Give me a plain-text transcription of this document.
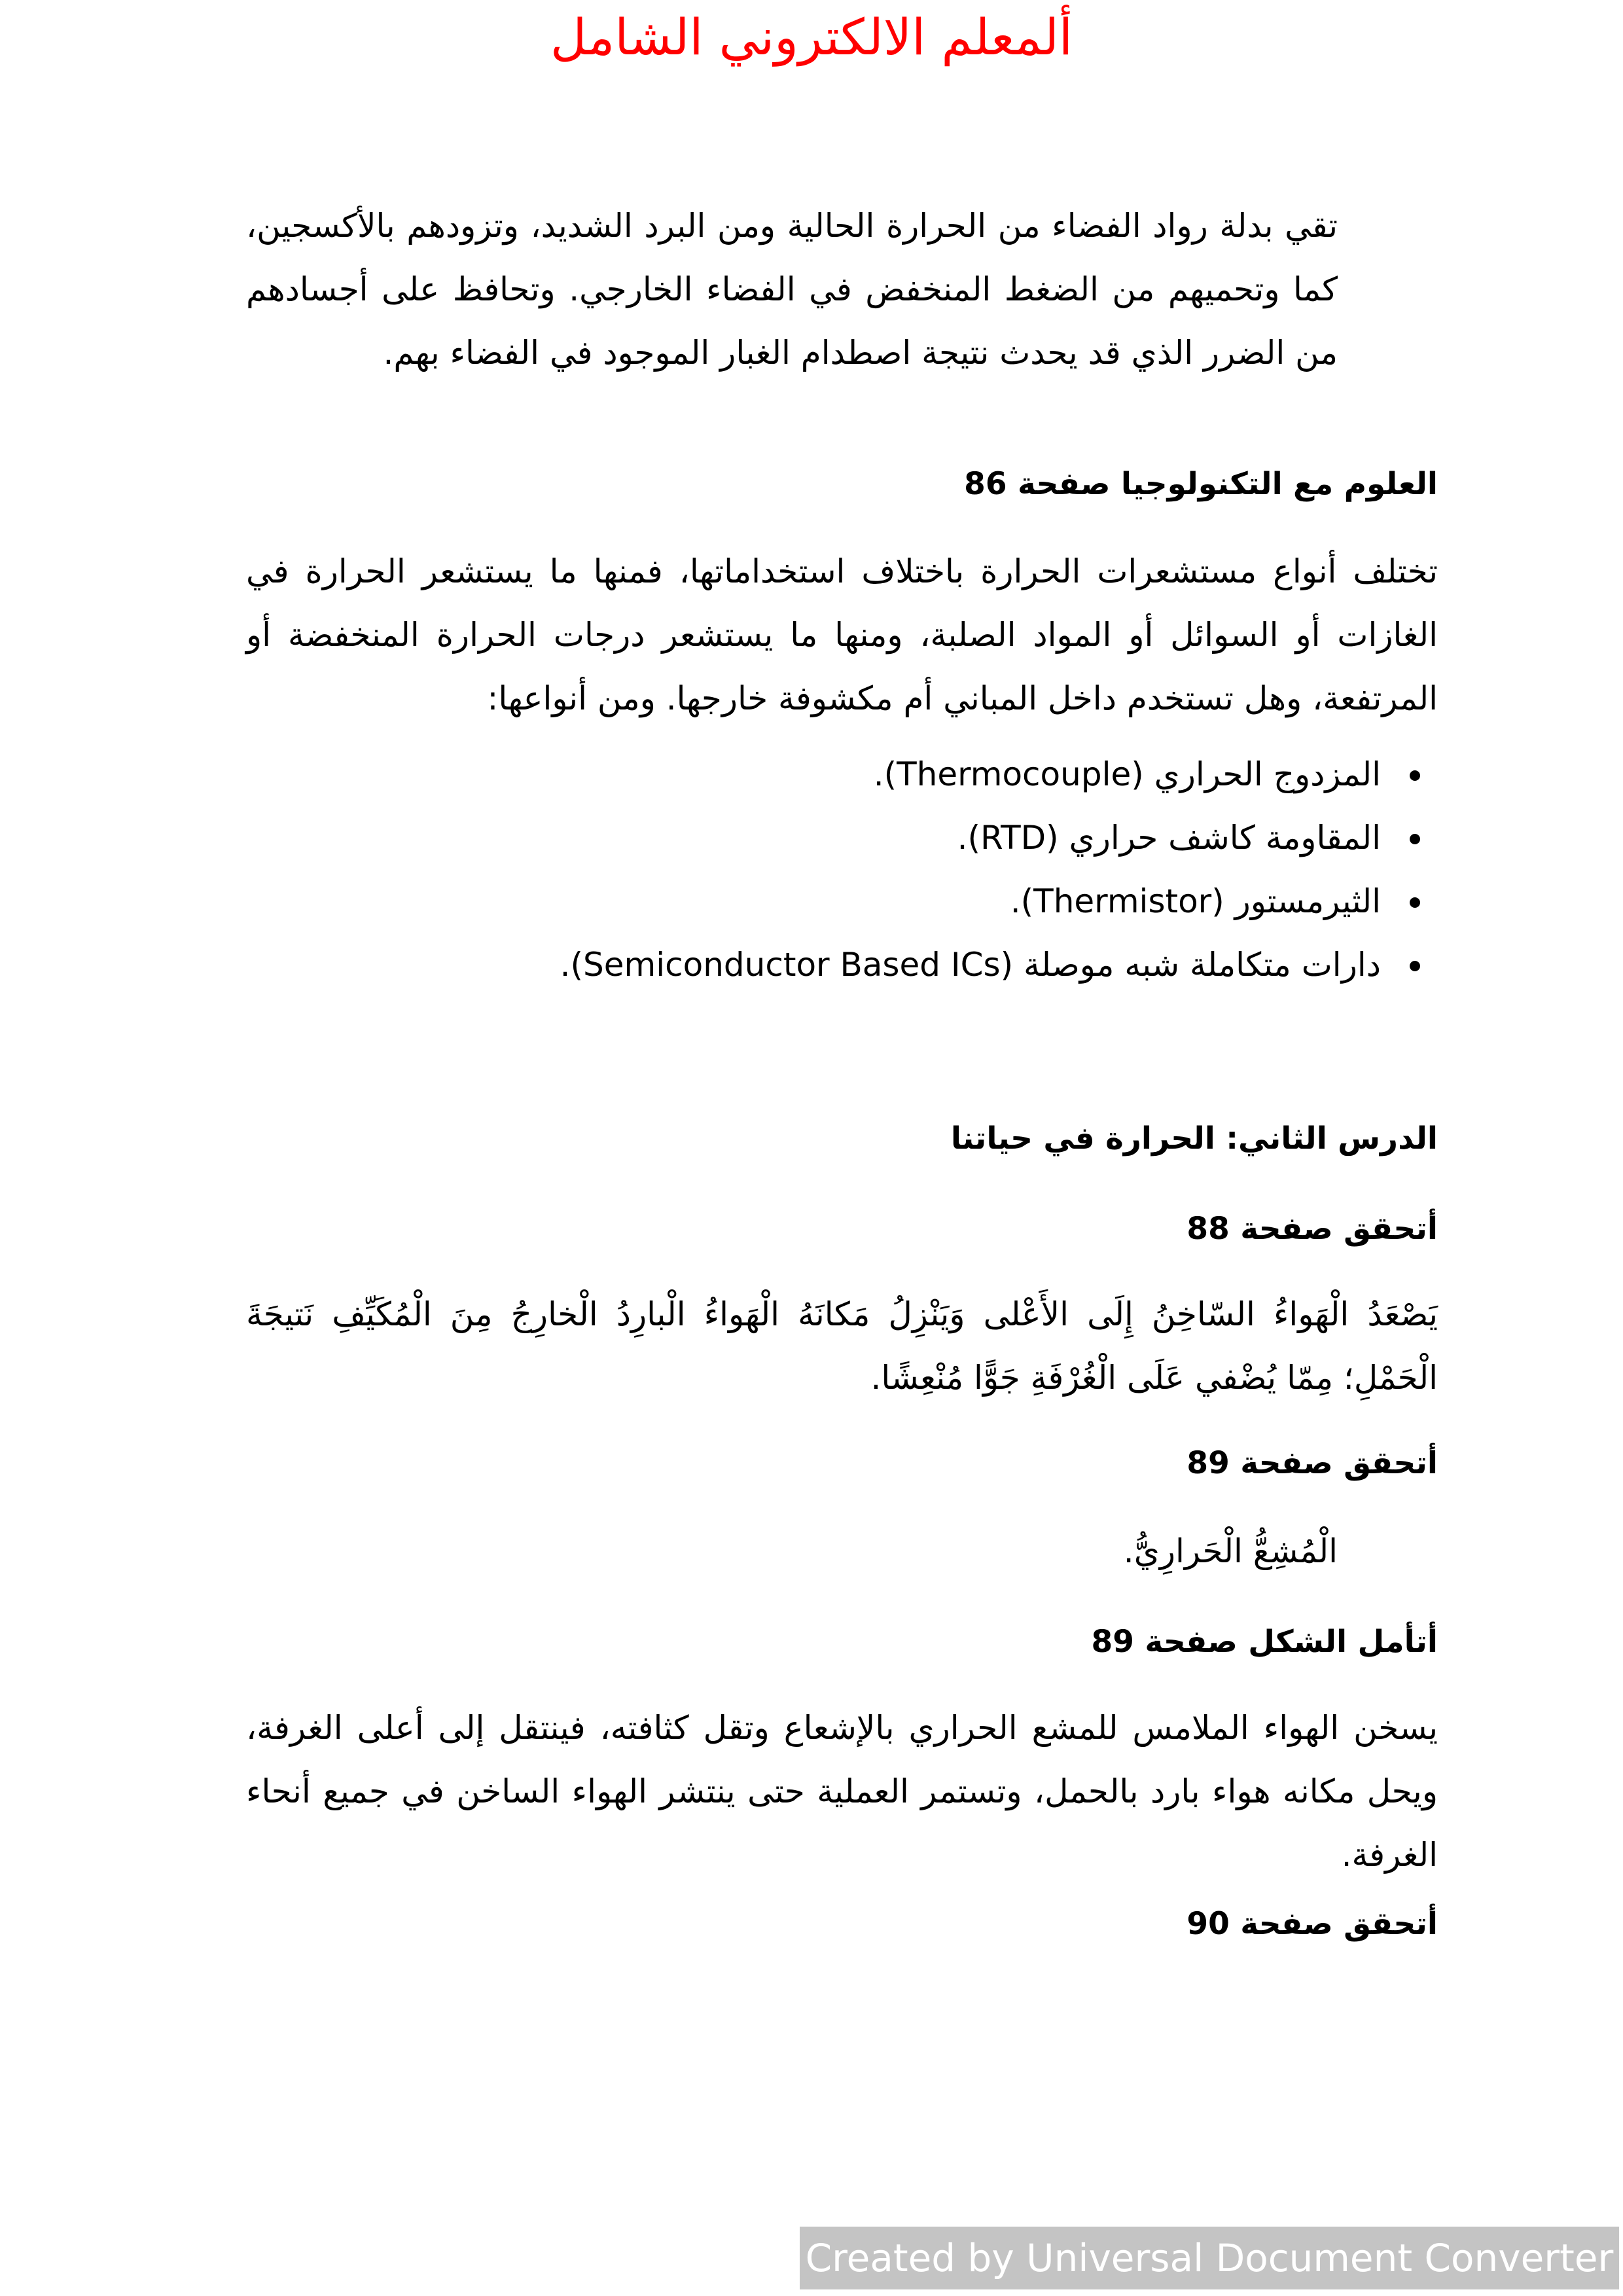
ألمعلم الالكتروني الشامل
تقي بدلة رواد الفضاء من الحرارة الحالية ومن البرد الشديد، وتزودهم بالأكسجين، كما وتحميهم من الضغط المنخفض في الفضاء الخارجي. وتحافظ على أجسادهم من الضرر الذي قد يحدث نتيجة اصطدام الغبار الموجود في الفضاء بهم.
العلوم مع التكنولوجيا صفحة 86
تختلف أنواع مستشعرات الحرارة باختلاف استخداماتها، فمنها ما يستشعر الحرارة في الغازات أو السوائل أو المواد الصلبة، ومنها ما يستشعر درجات الحرارة المنخفضة أو المرتفعة، وهل تستخدم داخل المباني أم مكشوفة خارجها. ومن أنواعها:
المزدوج الحراري (Thermocouple).
المقاومة كاشف حراري (RTD).
الثيرمستور (Thermistor).
دارات متكاملة شبه موصلة (Semiconductor Based ICs).
الدرس الثاني: الحرارة في حياتنا
أتحقق صفحة 88
يَصْعَدُ الْهَواءُ السّاخِنُ إِلَى الأَعْلى وَيَنْزِلُ مَكانَهُ الْهَواءُ الْبارِدُ الْخارِجُ مِنَ الْمُكَيِّفِ نَتيجَةَ الْحَمْلِ؛ مِمّا يُضْفي عَلَى الْغُرْفَةِ جَوًّا مُنْعِشًا.
أتحقق صفحة 89
الْمُشِعُّ الْحَرارِيُّ.
أتأمل الشكل صفحة 89
يسخن الهواء الملامس للمشع الحراري بالإشعاع وتقل كثافته، فينتقل إلى أعلى الغرفة، ويحل مكانه هواء بارد بالحمل، وتستمر العملية حتى ينتشر الهواء الساخن في جميع أنحاء الغرفة.
أتحقق صفحة 90
Created by Universal Document Converter
